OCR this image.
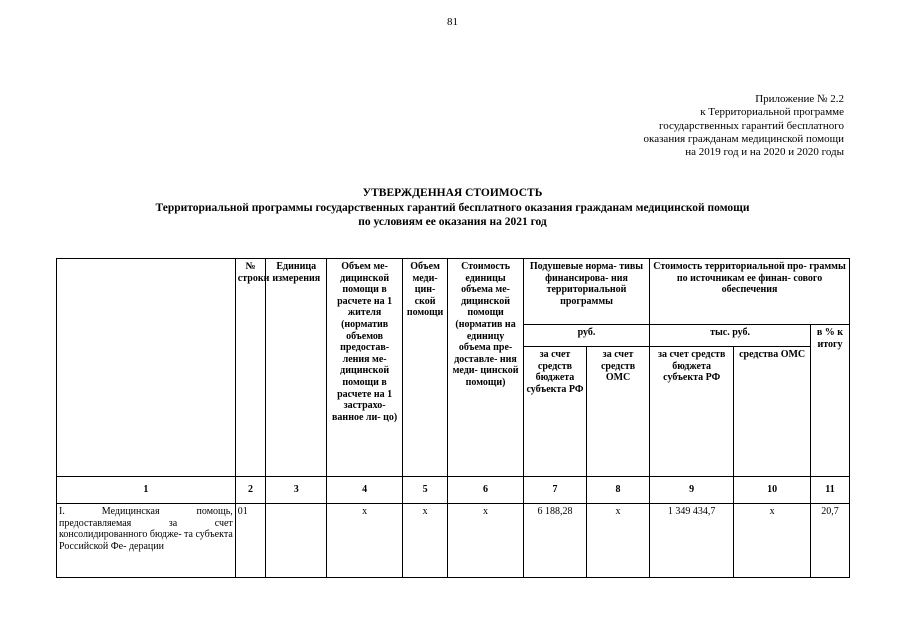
81
Приложение № 2.2
к Территориальной программе
государственных гарантий бесплатного
оказания гражданам медицинской помощи
на 2019 год и на 2020 и 2020 годы
УТВЕРЖДЕННАЯ СТОИМОСТЬ
Территориальной программы государственных гарантий бесплатного оказания гражданам медицинской помощи
по условиям ее оказания на 2021 год
	№ строки	Единица измерения	Объем ме- дицинской помощи в расчете на 1 жителя (норматив объемов предостав- ления ме- дицинской помощи в расчете на 1 застрахо- ванное ли- цо)	Объем меди- цин- ской помощи	Стоимость единицы объема ме- дицинской помощи (норматив на единицу объема пре- доставле- ния меди- цинской помощи)	Подушевые норма- тивы финансирова- ния территориальной программы		Стоимость территориальной про- граммы по источникам ее финан- сового обеспечения		
						руб.		тыс. руб.		в % к итогу
						за счет средств бюджета субъекта РФ	за счет средств ОМС	за счет средств бюджета субъекта РФ	средства ОМС	
1	2	3	4	5	6	7	8	9	10	11
I. Медицинская помощь, предоставляемая за счет консолидированного бюдже- та субъекта Российской Фе- дерации	01		х	х	х	6 188,28	х	1 349 434,7	х	20,7
